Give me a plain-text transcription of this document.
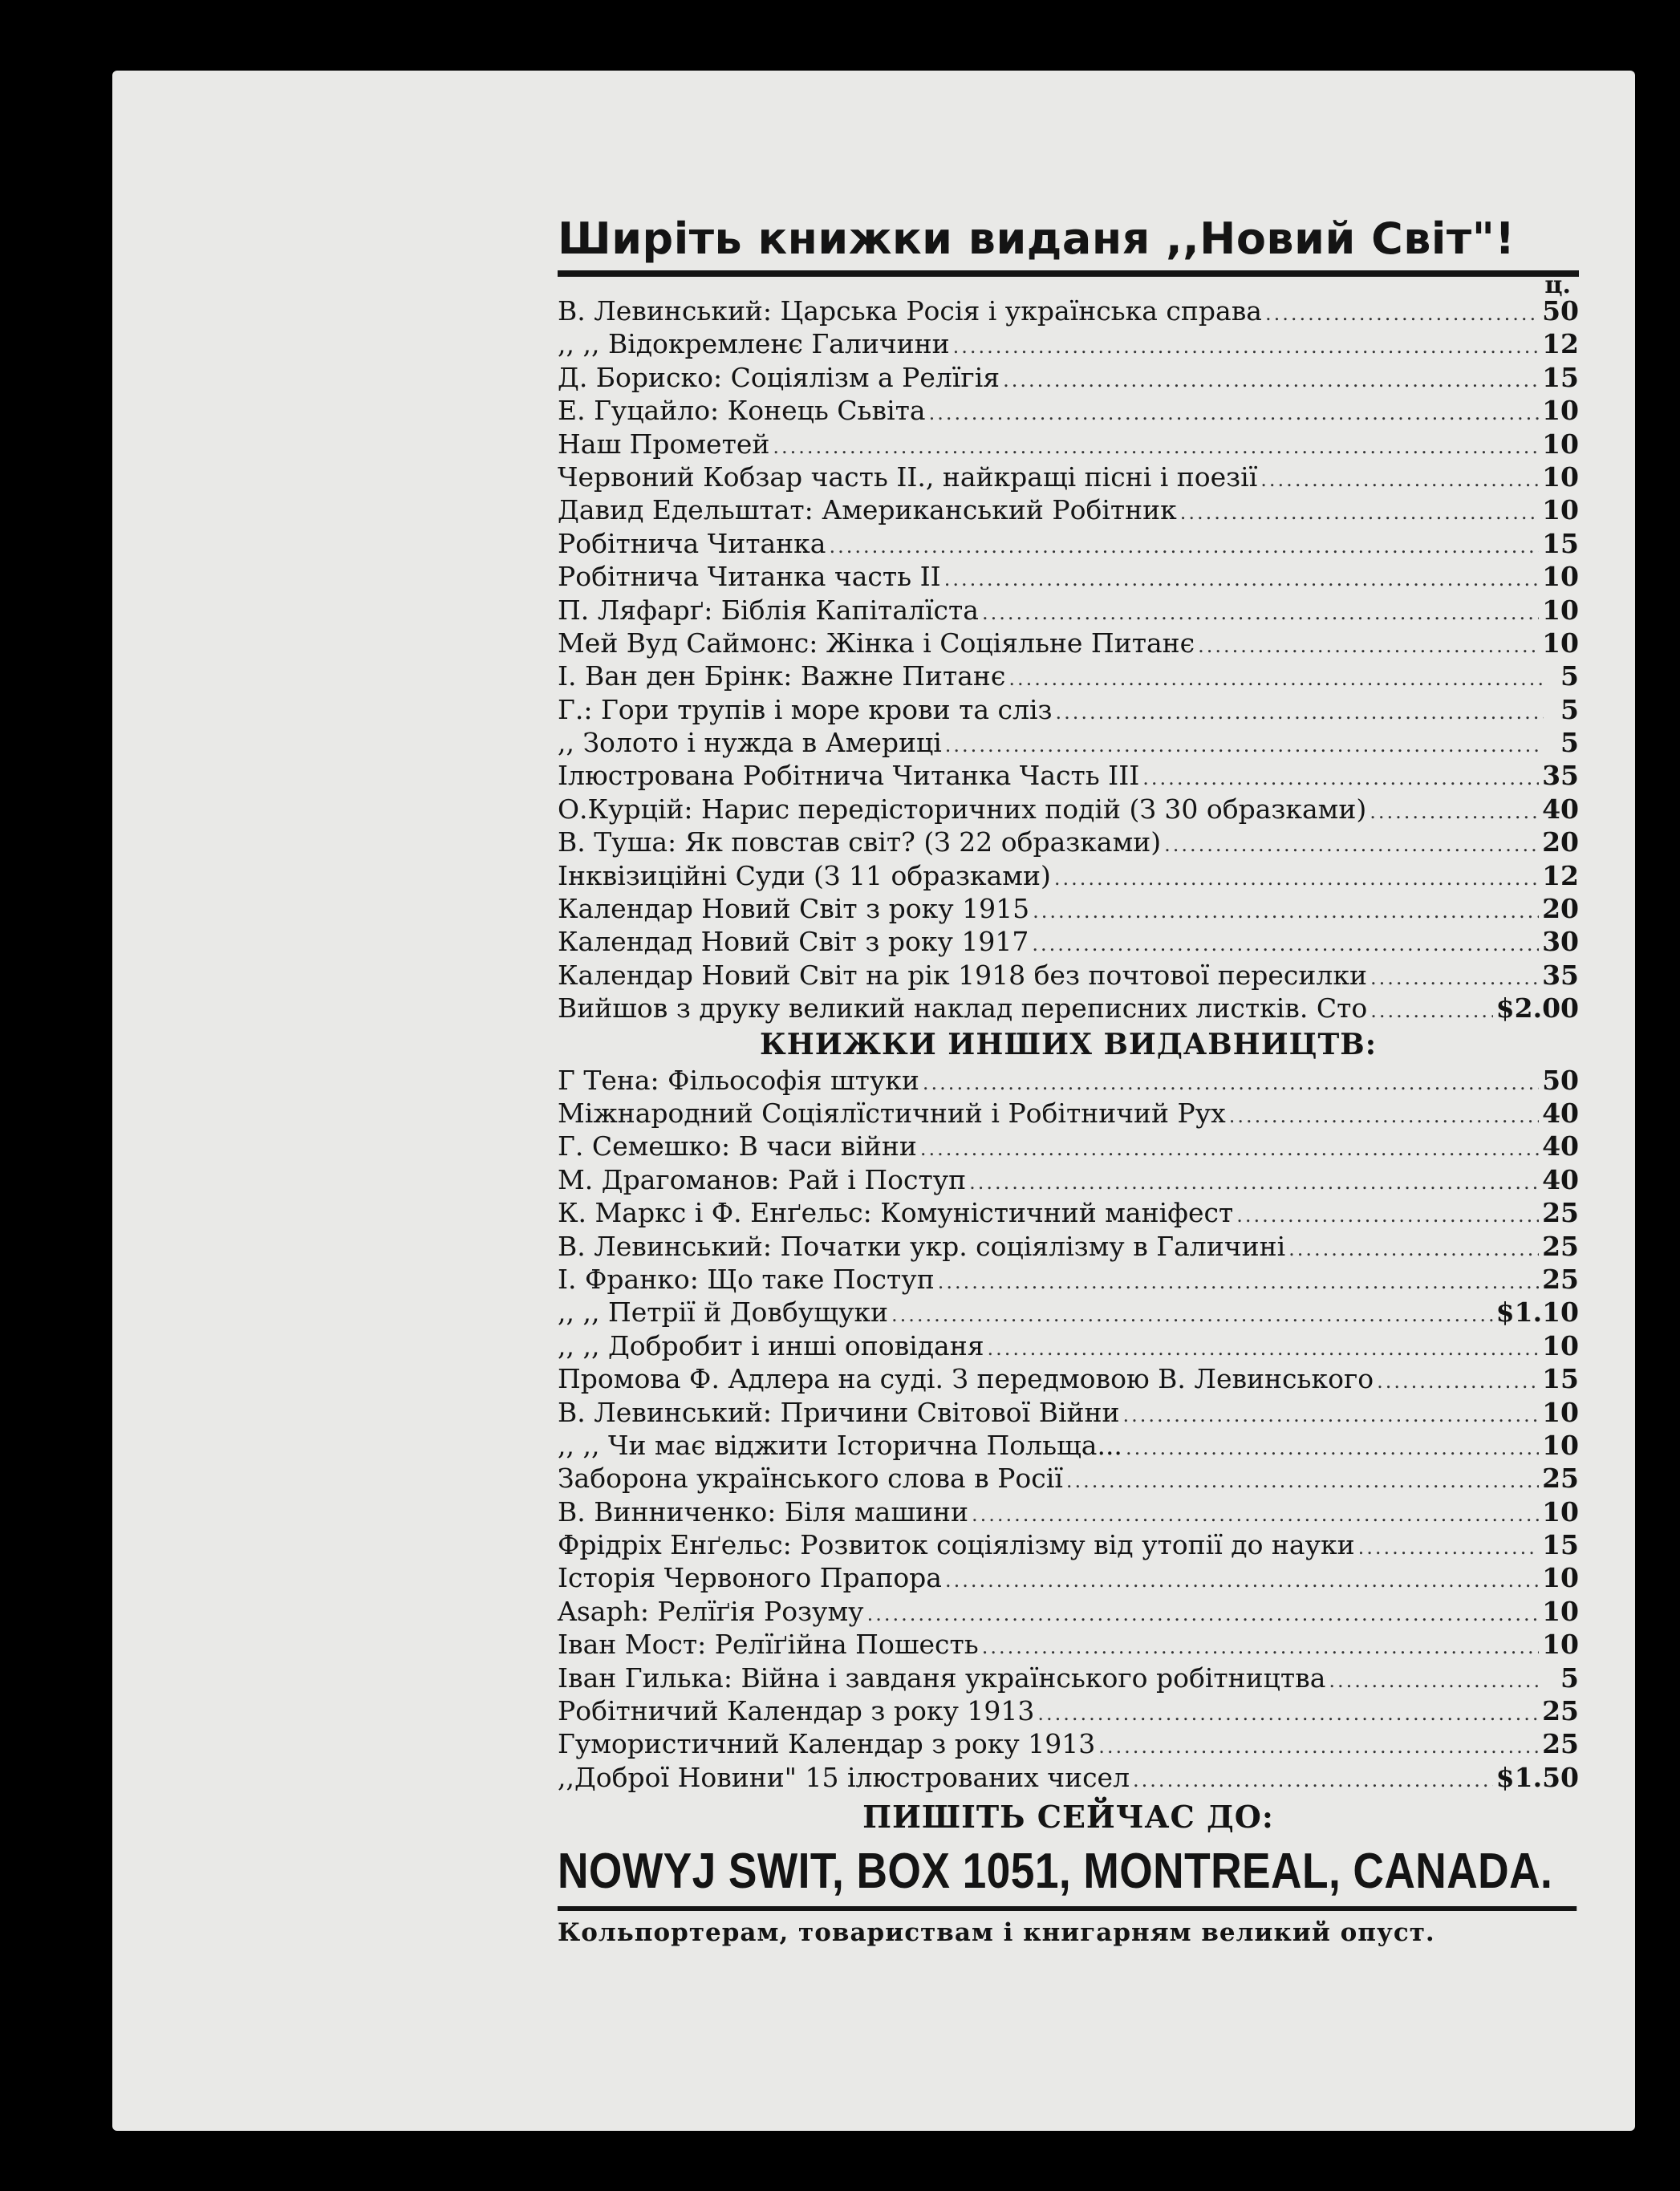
Ширіть книжки виданя ,,Новий Світ"!
ц.
В. Левинський: Царська Росія і українська справа .....	50
,, ,, Відокремленє Галичини .....	12
Д. Бориско: Соціялізм а Релїгія .....	15
Е. Гуцайло: Конець Сьвіта .....	10
Наш Прометей .....	10
Червоний Кобзар часть II., найкращі пісні і поезії .....	10
Давид Едельштат: Американський Робітник .....	10
Робітнича Читанка .....	15
Робітнича Читанка часть II .....	10
П. Ляфарґ: Біблія Капіталїста .....	10
Мей Вуд Саймонс: Жінка і Соціяльне Питанє .....	10
І. Ван ден Брінк: Важне Питанє .....	5
Г.: Гори трупів і море крови та сліз .....	5
,, Золото і нужда в Америці .....	5
Ілюстрована Робітнича Читанка Часть III .....	35
О.Курцій: Нарис передісторичних подій (З 30 образками) .....	40
В. Туша: Як повстав світ? (З 22 образками) .....	20
Інквізиційні Суди (З 11 образками) .....	12
Календар Новий Світ з року 1915 .....	20
Календад Новий Світ з року 1917 .....	30
Календар Новий Світ на рік 1918 без почтової пересилки .....	35
Вийшов з друку великий наклад переписних листків. Сто .....	$2.00
КНИЖКИ ИНШИХ ВИДАВНИЦТВ:
Г Тена: Фільософія штуки .....	50
Міжнародний Соціялїстичний і Робітничий Рух .....	40
Г. Семешко: В часи війни .....	40
М. Драгоманов: Рай і Поступ .....	40
К. Маркс і Ф. Енґельс: Комуністичний маніфест .....	25
В. Левинський: Початки укр. соціялізму в Галичині .....	25
І. Франко: Що таке Поступ .....	25
,, ,, Петрії й Довбущуки .....	$1.10
,, ,, Добробит і инші оповіданя .....	10
Промова Ф. Адлера на суді. З передмовою В. Левинського .....	15
В. Левинський: Причини Світової Війни .....	10
,, ,, Чи має віджити Історична Польща... .....	10
Заборона українського слова в Росії .....	25
В. Винниченко: Біля машини .....	10
Фрідріх Енґельс: Розвиток соціялізму від утопії до науки .....	15
Історія Червоного Прапора .....	10
Asaph: Релїґія Розуму .....	10
Іван Мост: Релїґійна Пошесть .....	10
Іван Гилька: Війна і завданя українського робітництва .....	5
Робітничий Календар з року 1913 .....	25
Гумористичний Календар з року 1913 .....	25
,,Доброї Новини" 15 ілюстрованих чисел .....	$1.50
ПИШІТЬ СЕЙЧАС ДО:
NOWYJ SWIT, BOX 1051, MONTREAL, CANADA.
Кольпортерам, товариствам і книгарням великий опуст.
